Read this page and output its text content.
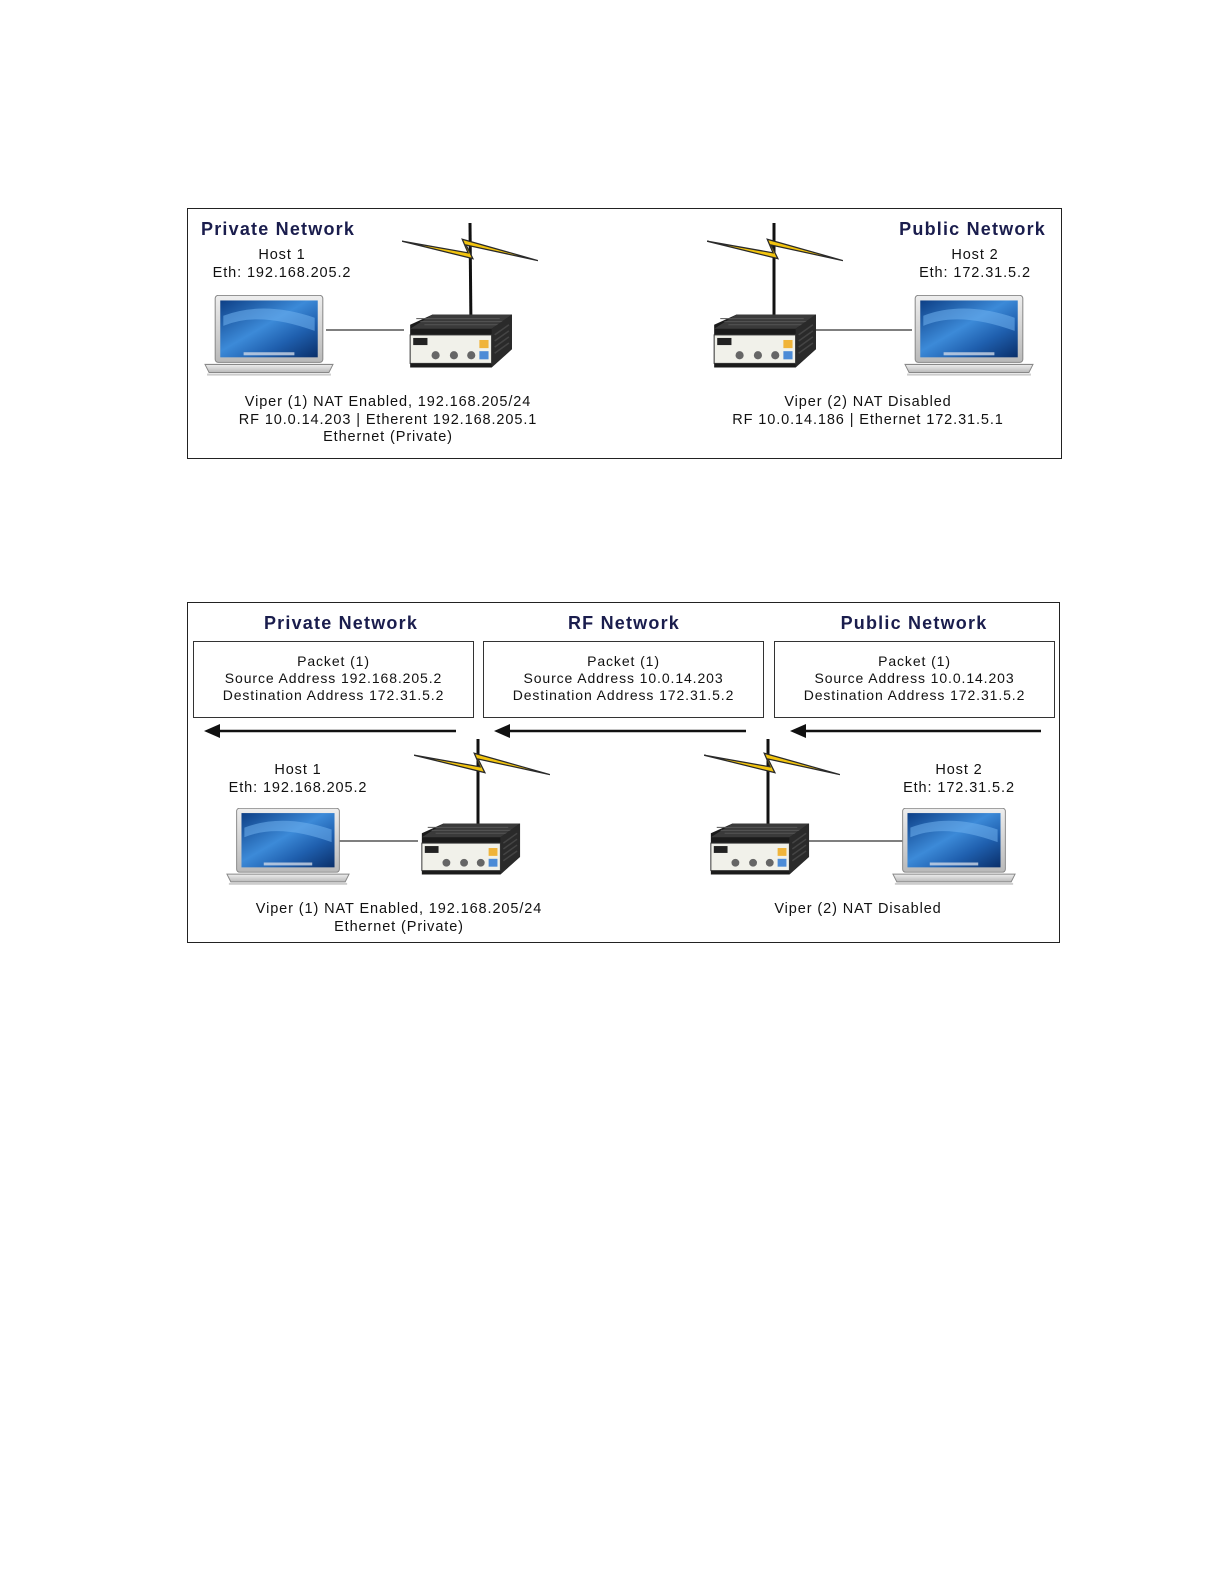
Private Network	Public Network
Host 1
Eth: 192.168.205.2
Host 2
Eth: 172.31.5.2
Viper (1) NAT Enabled, 192.168.205/24
RF 10.0.14.203 | Etherent 192.168.205.1
Ethernet (Private)
Viper (2) NAT Disabled
RF 10.0.14.186 | Ethernet 172.31.5.1
Private Network	RF Network	Public Network
Packet (1)
Source Address 192.168.205.2
Destination Address 172.31.5.2
Packet (1)
Source Address 10.0.14.203
Destination Address 172.31.5.2
Packet (1)
Source Address 10.0.14.203
Destination Address 172.31.5.2
Host 1
Eth: 192.168.205.2
Host 2
Eth: 172.31.5.2
Viper (1) NAT Enabled, 192.168.205/24
Ethernet (Private)
Viper (2) NAT Disabled
